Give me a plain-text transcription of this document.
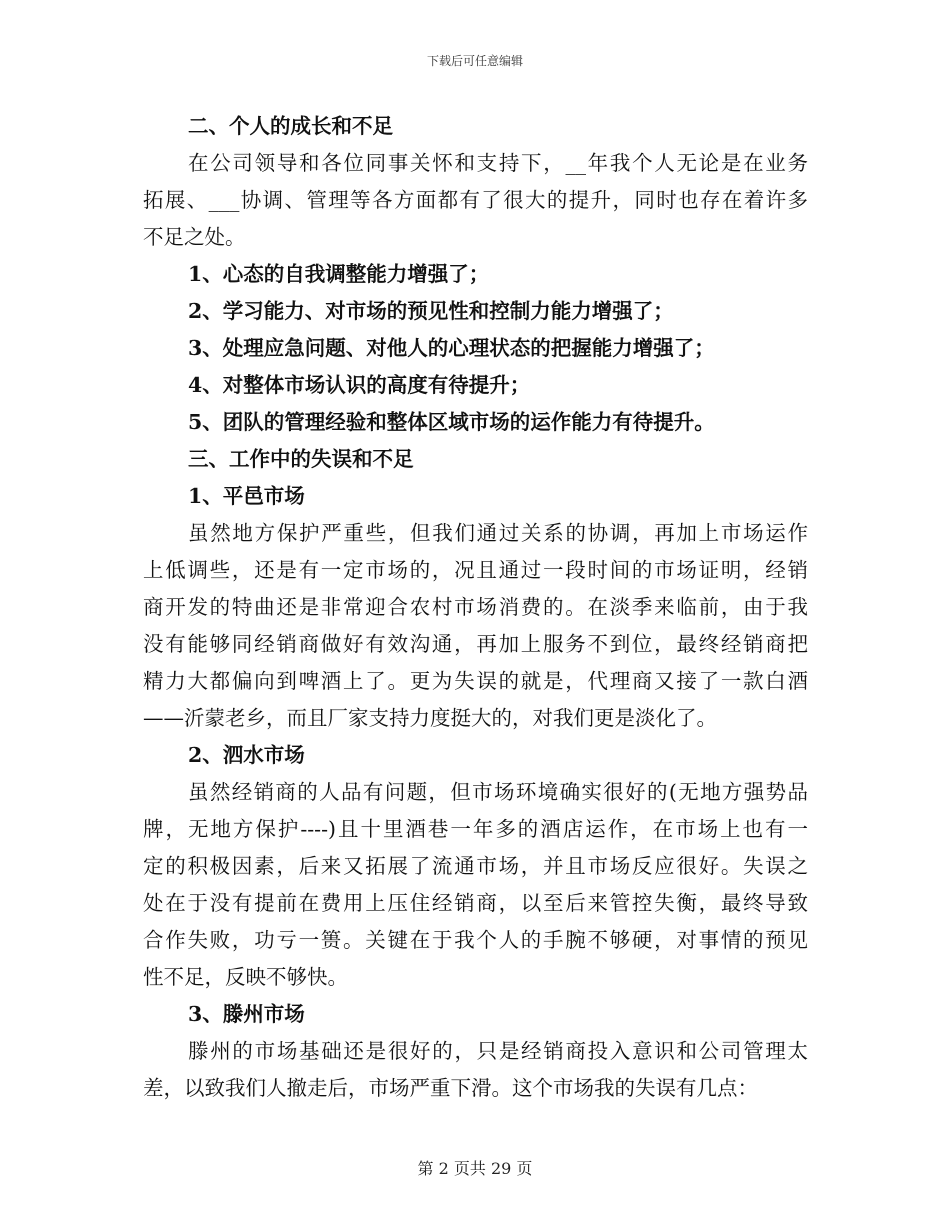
下载后可任意编辑
二、个人的成长和不足
在公司领导和各位同事关怀和支持下，__年我个人无论是在业务
拓展、___协调、管理等各方面都有了很大的提升，同时也存在着许多
不足之处。
1、心态的自我调整能力增强了；
2、学习能力、对市场的预见性和控制力能力增强了；
3、处理应急问题、对他人的心理状态的把握能力增强了；
4、对整体市场认识的高度有待提升；
5、团队的管理经验和整体区域市场的运作能力有待提升。
三、工作中的失误和不足
1、平邑市场
虽然地方保护严重些，但我们通过关系的协调，再加上市场运作
上低调些，还是有一定市场的，况且通过一段时间的市场证明，经销
商开发的特曲还是非常迎合农村市场消费的。在淡季来临前，由于我
没有能够同经销商做好有效沟通，再加上服务不到位，最终经销商把
精力大都偏向到啤酒上了。更为失误的就是，代理商又接了一款白酒
——沂蒙老乡，而且厂家支持力度挺大的，对我们更是淡化了。
2、泗水市场
虽然经销商的人品有问题，但市场环境确实很好的(无地方强势品
牌，无地方保护----)且十里酒巷一年多的酒店运作，在市场上也有一
定的积极因素，后来又拓展了流通市场，并且市场反应很好。失误之
处在于没有提前在费用上压住经销商，以至后来管控失衡，最终导致
合作失败，功亏一篑。关键在于我个人的手腕不够硬，对事情的预见
性不足，反映不够快。
3、滕州市场
滕州的市场基础还是很好的，只是经销商投入意识和公司管理太
差，以致我们人撤走后，市场严重下滑。这个市场我的失误有几点：
第 2 页共 29 页
